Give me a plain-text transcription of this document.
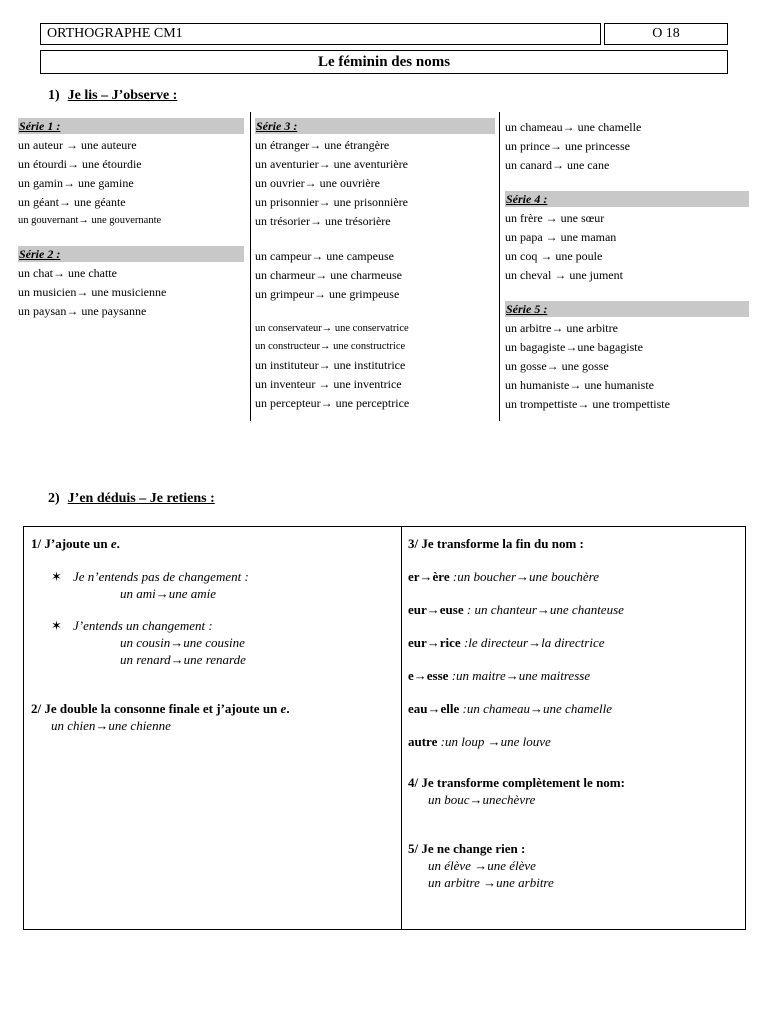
ORTHOGRAPHE CM1	O 18
Le féminin des noms
1) Je lis – J’observe :
Série 1 :
un auteur → une auteure
un étourdi→ une étourdie
un gamin→ une gamine
un géant→ une géante
un gouvernant→ une gouvernante
Série 2 :
un chat→ une chatte
un musicien→ une musicienne
un paysan→ une paysanne
Série 3 :
un étranger→ une étrangère
un aventurier→ une aventurière
un ouvrier→ une ouvrière
un prisonnier→ une prisonnière
un trésorier→ une trésorière
un campeur→ une campeuse
un charmeur→ une charmeuse
un grimpeur→ une grimpeuse
un conservateur→ une conservatrice
un constructeur→ une constructrice
un instituteur→ une institutrice
un inventeur → une inventrice
un percepteur→ une perceptrice
un chameau→ une chamelle
un prince→ une princesse
un canard→ une cane
Série 4 :
un frère → une sœur
un papa → une maman
un coq → une poule
un cheval → une jument
Série 5 :
un arbitre→ une arbitre
un bagagiste→une bagagiste
un gosse→ une gosse
un humaniste→ une humaniste
un trompettiste→ une trompettiste
2) J’en déduis – Je retiens :
1/ J’ajoute un e.
✶ Je n’entends pas de changement :
un ami→une amie
✶ J’entends un changement :
un cousin→une cousine
un renard→une renarde
2/ Je double la consonne finale et j’ajoute un e.
un chien→une chienne
3/ Je transforme la fin du nom :
er→ère :un boucher→une bouchère
eur→euse : un chanteur→une chanteuse
eur→rice :le directeur→la directrice
e→esse :un maitre→une maitresse
eau→elle :un chameau→une chamelle
autre :un loup →une louve
4/ Je transforme complètement le nom:
un bouc→unechèvre
5/ Je ne change rien :
un élève →une élève
un arbitre →une arbitre
